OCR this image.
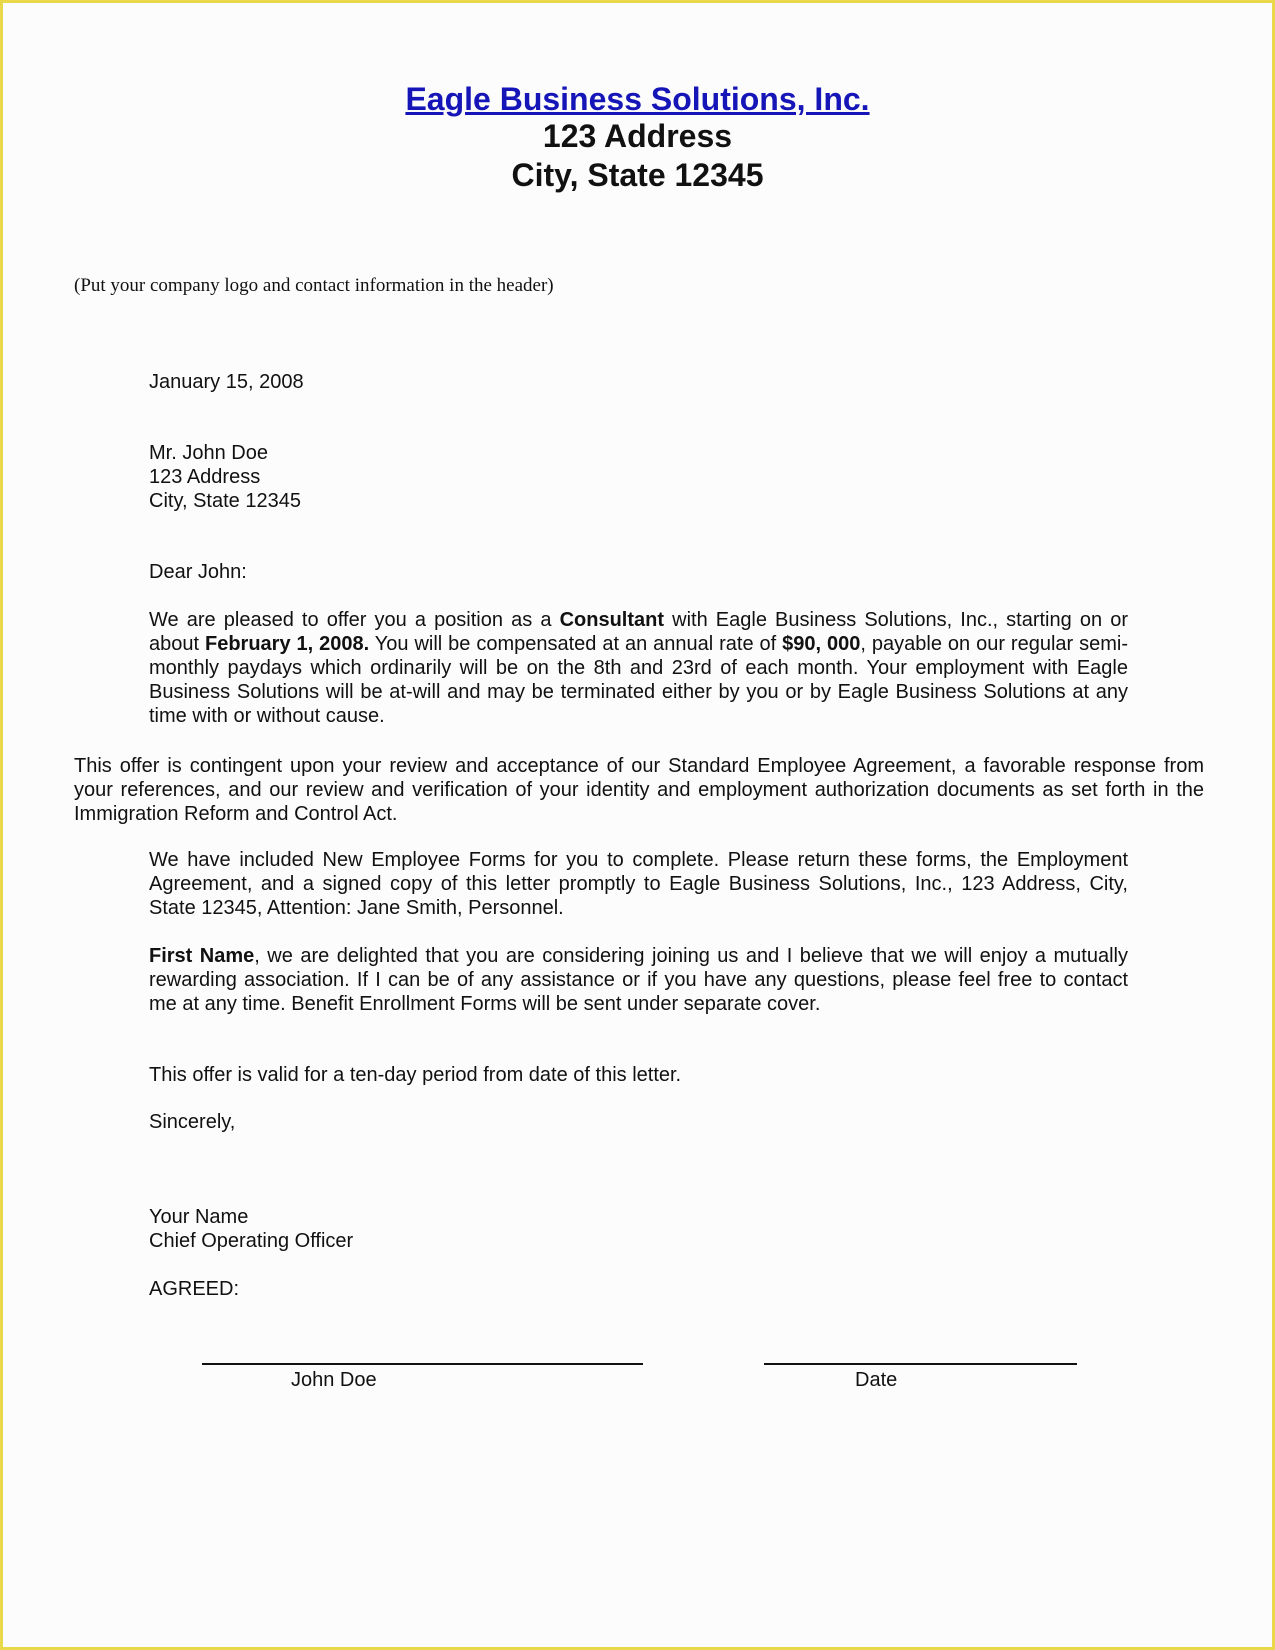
Eagle Business Solutions, Inc.
123 Address
City, State 12345
(Put your company logo and contact information in the header)
January 15, 2008
Mr. John Doe
123 Address
City, State 12345
Dear John:
We are pleased to offer you a position as a Consultant with Eagle Business Solutions, Inc., starting on or about February 1, 2008. You will be compensated at an annual rate of $90, 000, payable on our regular semi-monthly paydays which ordinarily will be on the 8th and 23rd of each month. Your employment with Eagle Business Solutions will be at-will and may be terminated either by you or by Eagle Business Solutions at any time with or without cause.
This offer is contingent upon your review and acceptance of our Standard Employee Agreement, a favorable response from your references, and our review and verification of your identity and employment authorization documents as set forth in the Immigration Reform and Control Act.
We have included New Employee Forms for you to complete. Please return these forms, the Employment Agreement, and a signed copy of this letter promptly to Eagle Business Solutions, Inc., 123 Address, City, State 12345, Attention: Jane Smith, Personnel.
First Name, we are delighted that you are considering joining us and I believe that we will enjoy a mutually rewarding association. If I can be of any assistance or if you have any questions, please feel free to contact me at any time. Benefit Enrollment Forms will be sent under separate cover.
This offer is valid for a ten-day period from date of this letter.
Sincerely,
Your Name
Chief Operating Officer
AGREED:
John Doe	Date
